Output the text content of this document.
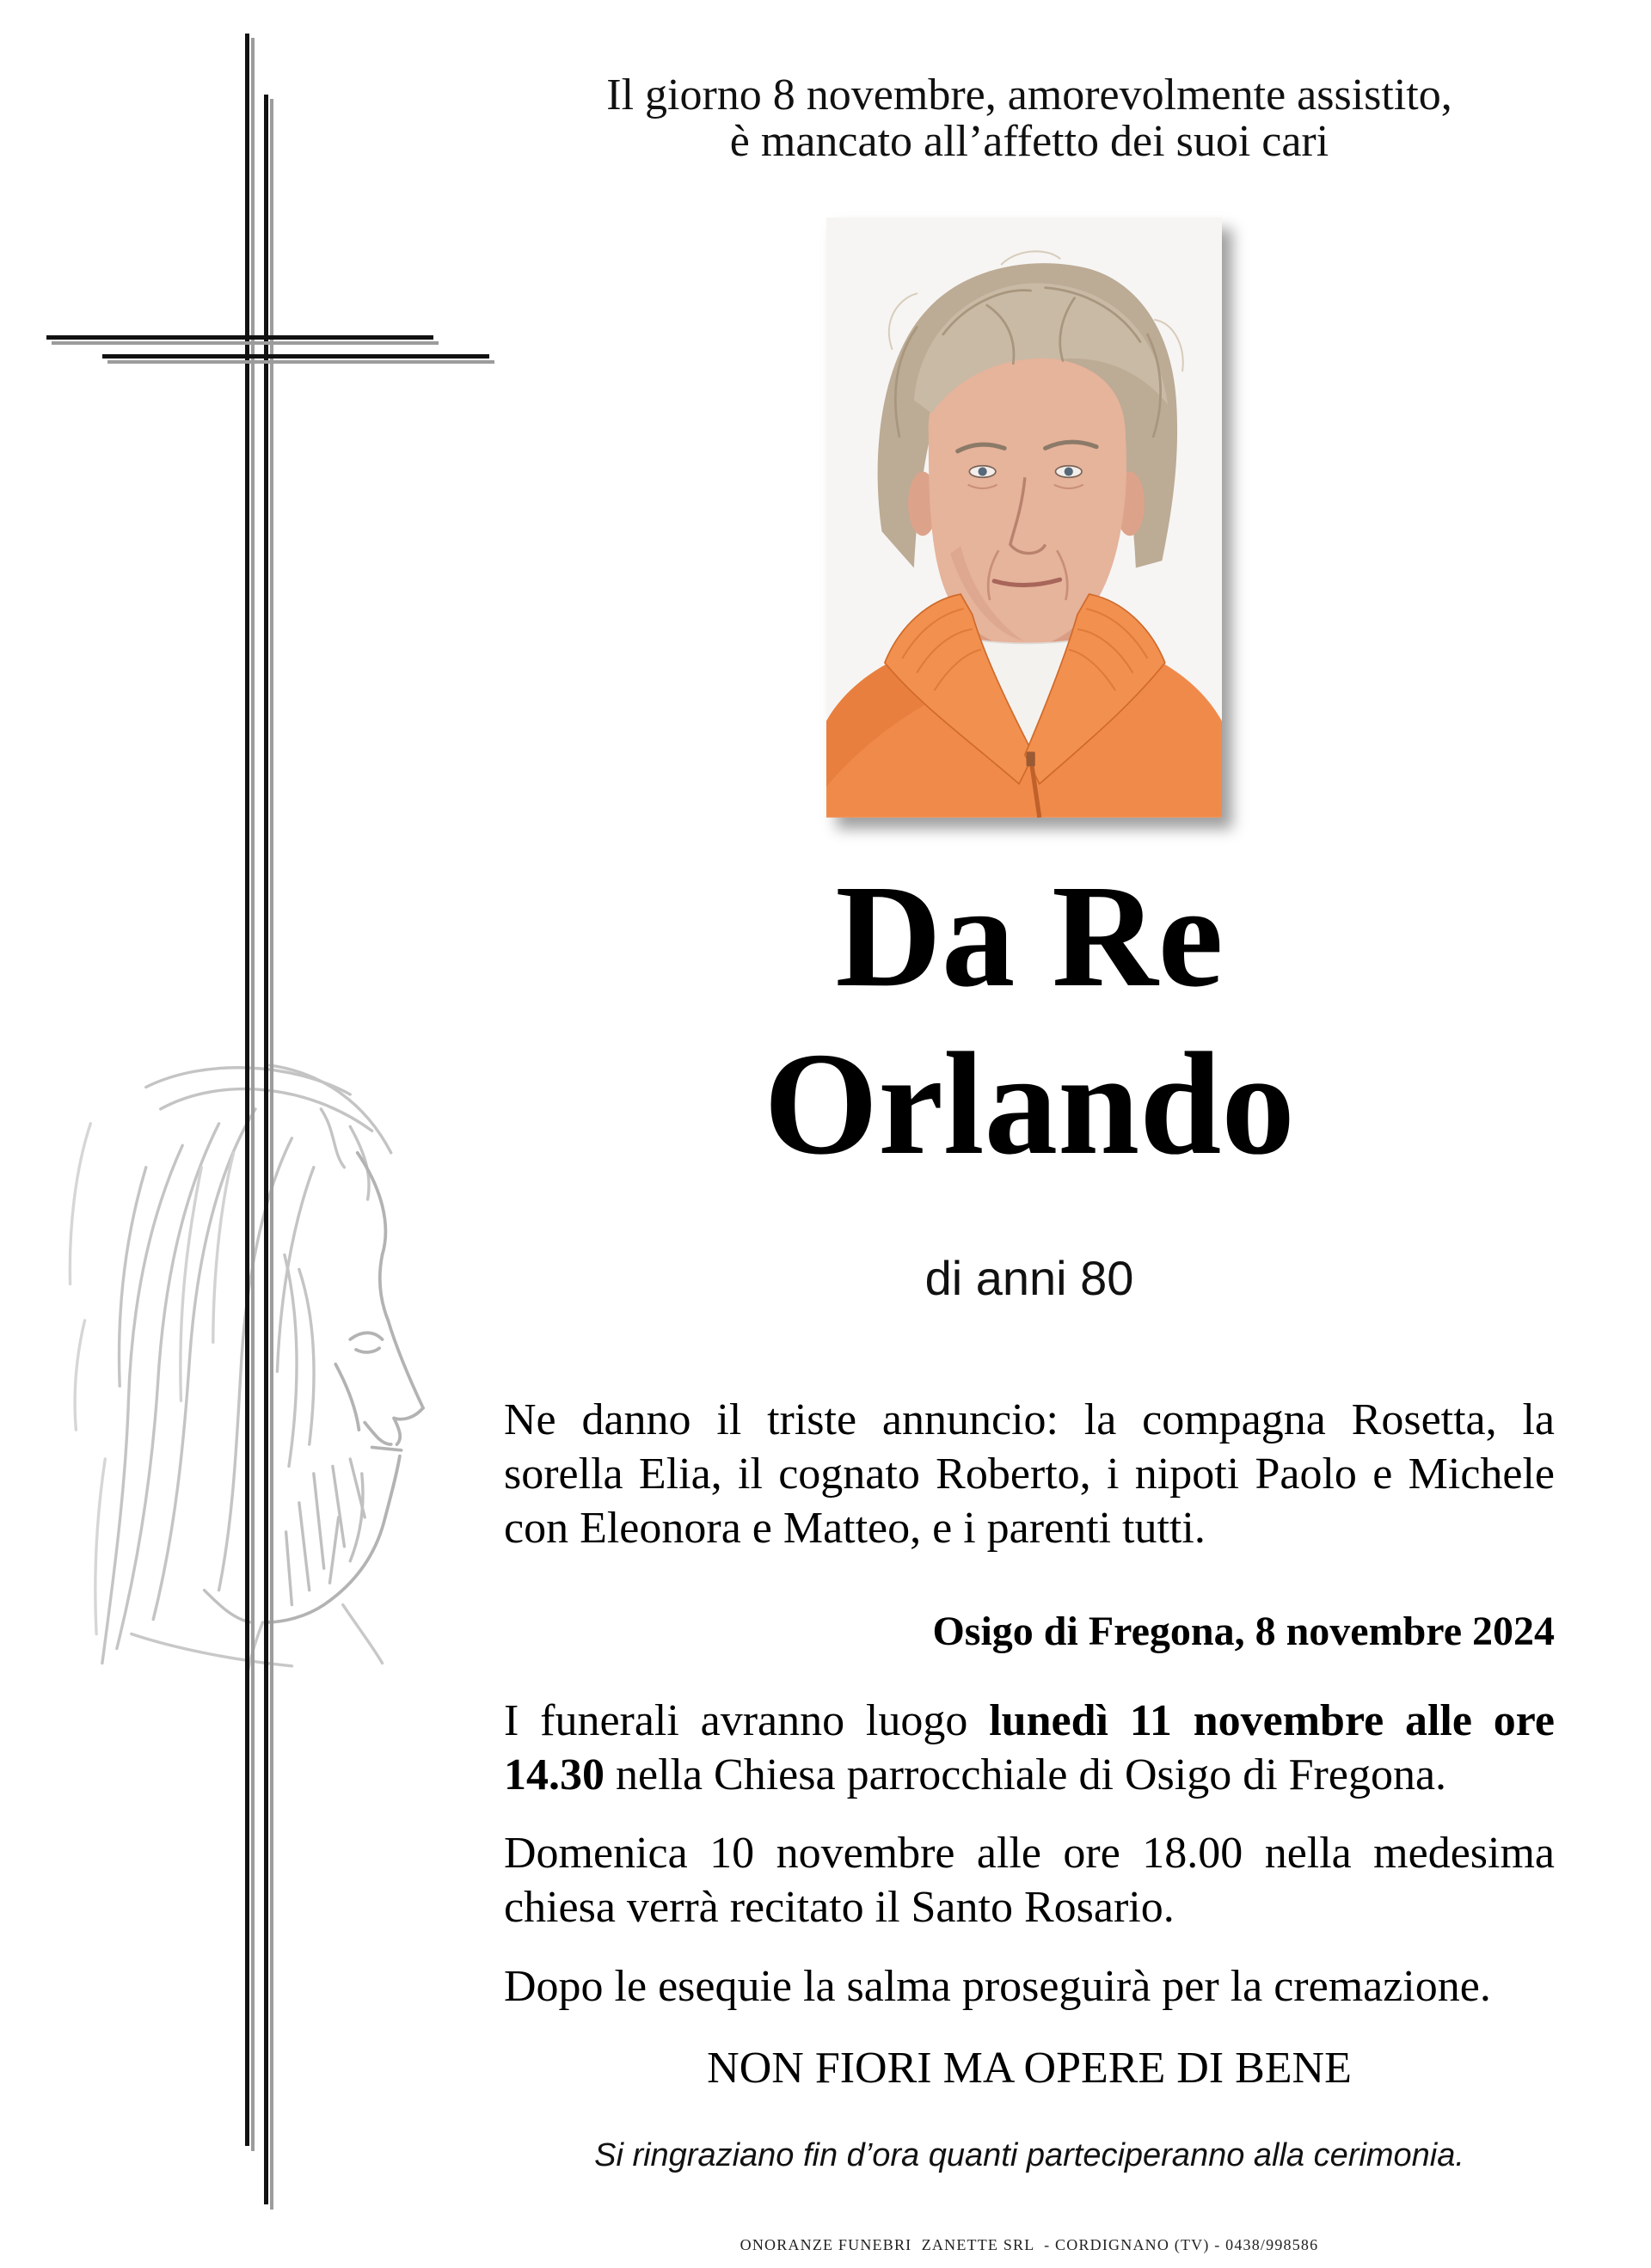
Il giorno 8 novembre, amorevolmente assistito,
è mancato all’affetto dei suoi cari
Da Re
Orlando
di anni 80

Ne danno il triste annuncio: la compagna Rosetta, la sorella Elia, il cognato Roberto, i nipoti Paolo e Michele con Eleonora e Matteo, e i parenti tutti.

Osigo di Fregona, 8 novembre 2024

I funerali avranno luogo lunedì 11 novembre alle ore 14.30 nella Chiesa parrocchiale di Osigo di Fregona.

Domenica 10 novembre alle ore 18.00 nella medesima chiesa verrà recitato il Santo Rosario.

Dopo le esequie la salma proseguirà per la cremazione.

NON FIORI MA OPERE DI BENE
Si ringraziano fin d’ora quanti parteciperanno alla cerimonia.
ONORANZE FUNEBRI  ZANETTE SRL  - CORDIGNANO (TV) - 0438/998586
